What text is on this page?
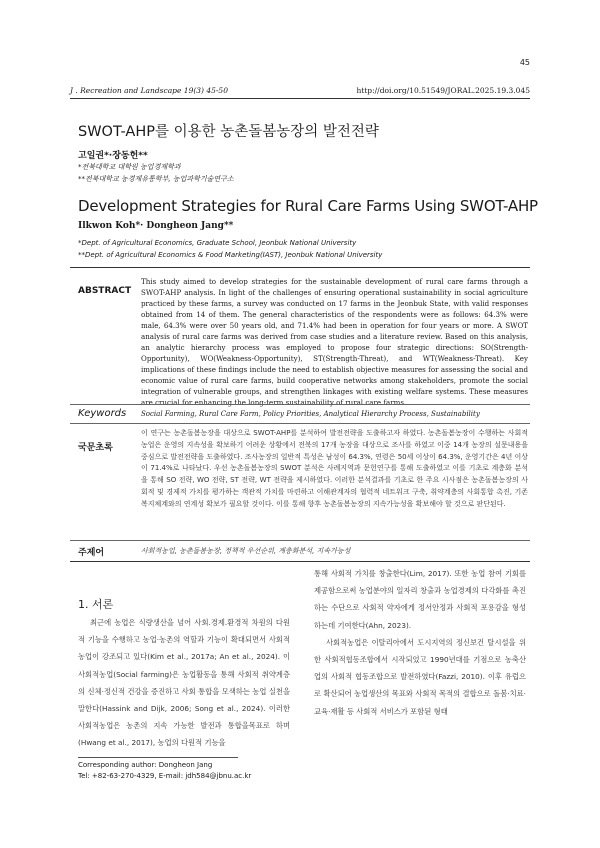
45
J . Recreation and Landscape 19(3) 45-50	http://doi.org/10.51549/JORAL.2025.19.3.045
SWOT-AHP를 이용한 농촌돌봄농장의 발전전략
고일권*·장동헌**
*전북대학교 대학원 농업경제학과
**전북대학교 농경제유통학부, 농업과학기술연구소
Development Strategies for Rural Care Farms Using SWOT-AHP
Ilkwon Koh*· Dongheon Jang**
*Dept. of Agricultural Economics, Graduate School, Jeonbuk National University
**Dept. of Agricultural Economics & Food Marketing(IAST), Jeonbuk National University
ABSTRACT
This study aimed to develop strategies for the sustainable development of rural care farms through a SWOT-AHP analysis. In light of the challenges of ensuring operational sustainability in social agriculture practiced by these farms, a survey was conducted on 17 farms in the Jeonbuk State, with valid responses obtained from 14 of them. The general characteristics of the respondents were as follows: 64.3% were male, 64.3% were over 50 years old, and 71.4% had been in operation for four years or more. A SWOT analysis of rural care farms was derived from case studies and a literature review. Based on this analysis, an analytic hierarchy process was employed to propose four strategic directions: SO(Strength-Opportunity), WO(Weakness-Opportunity), ST(Strength-Threat), and WT(Weakness-Threat). Key implications of these findings include the need to establish objective measures for assessing the social and economic value of rural care farms, build cooperative networks among stakeholders, promote the social integration of vulnerable groups, and strengthen linkages with existing welfare systems. These measures are crucial for enhancing the long-term sustainability of rural care farms.
Keywords Social Farming, Rural Care Farm, Policy Priorities, Analytical Hierarchy Process, Sustainability
국문초록
이 연구는 농촌돌봄농장을 대상으로 SWOT-AHP를 분석하여 발전전략을 도출하고자 하였다. 농촌돌봄농장이 수행하는 사회적농업은 운영의 지속성을 확보하기 어려운 상황에서 전북의 17개 농장을 대상으로 조사를 하였고 이중 14개 농장의 설문내용을 중심으로 발전전략을 도출하였다. 조사농장의 일반적 특성은 남성이 64.3%, 연령은 50세 이상이 64.3%, 운영기간은 4년 이상이 71.4%로 나타났다. 우선 농촌돌봄농장의 SWOT 분석은 사례지역과 문헌연구를 통해 도출하였고 이를 기초로 계층화 분석을 통해 SO 전략, WO 전략, ST 전략, WT 전략을 제시하였다. 이러한 분석결과를 기초로 한 주요 시사점은 농촌돌봄농장의 사회적 및 경제적 가치를 평가하는 객관적 가치를 마련하고 이해관계자의 협력적 네트워크 구축, 취약계층의 사회통합 촉진, 기존 복지체계와의 연계성 확보가 필요할 것이다. 이를 통해 향후 농촌돌봄농장의 지속가능성을 확보해야 할 것으로 판단된다.
주제어	사회적농업, 농촌돌봄농장, 정책적 우선순위, 계층화분석, 지속가능성
1. 서론
최근에 농업은 식량생산을 넘어 사회.경제.환경적 차원의 다원적 기능을 수행하고 농업·농촌의 역할과 기능이 확대되면서 사회적농업이 강조되고 있다(Kim et al., 2017a; An et al., 2024). 이 사회적농업(Social farming)은 농업활동을 통해 사회적 취약계층의 신체·정신적 건강을 증진하고 사회 통합을 모색하는 농업 실천을 말한다(Hassink and Dijk, 2006; Song et al., 2024). 이러한 사회적농업은 농촌의 지속 가능한 발전과 통합을목표로 하며(Hwang et al., 2017), 농업의 다원적 기능을

통해 사회적 가치를 창출한다(Lim, 2017). 또한 농업 참여 기회를 제공함으로써 농업분야의 일자리 창출과 농업경제의 다각화를 촉진하는 수단으로 사회적 약자에게 정서안정과 사회적 포용감을 형성하는데 기여한다(Ahn, 2023).

사회적농업은 이탈리아에서 도시지역의 정신보건 탈시설을 위한 사회적협동조합에서 시작되었고 1990년대를 기점으로 농축산업의 사회적 협동조합으로 발전하였다(Fazzi, 2010). 이후 유럽으로 확산되어 농업생산의 목표와 사회적 목적의 결합으로 돌봄·치료·교육·재활 등 사회적 서비스가 포함된 형태

Corresponding author: Dongheon Jang
Tel: +82-63-270-4329, E-mail: jdh584@jbnu.ac.kr
